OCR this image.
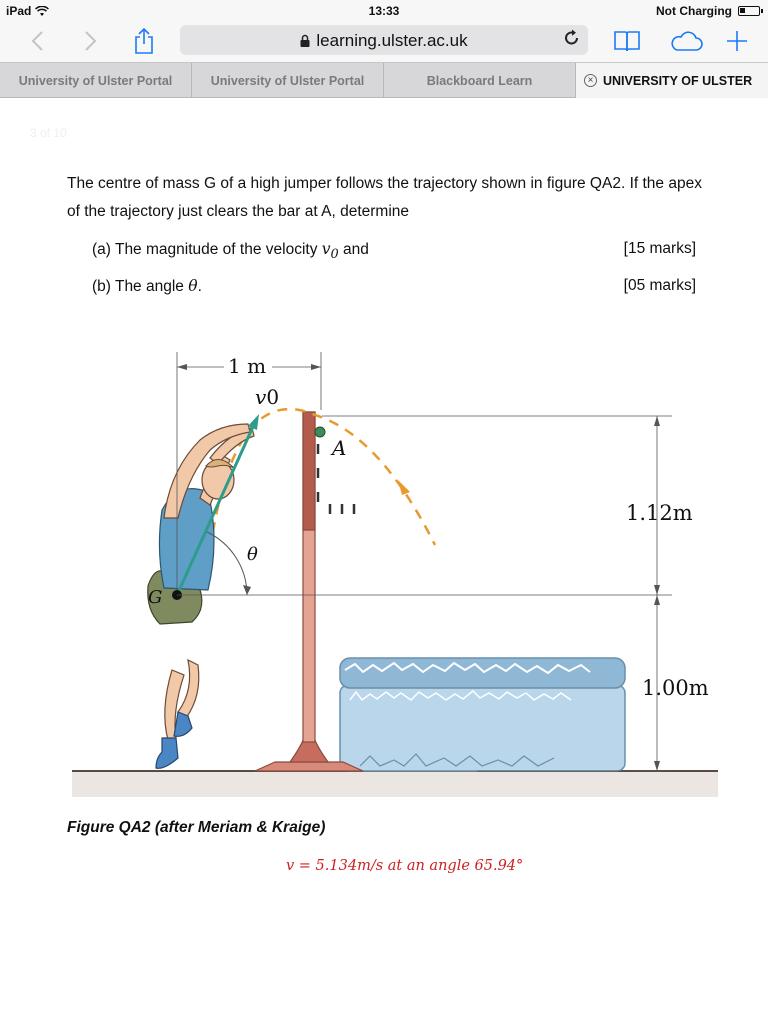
iPad	13:33	Not Charging
learning.ulster.ac.uk
University of Ulster Portal	University of Ulster Portal	Blackboard Learn	× UNIVERSITY OF ULSTER
3 of 10
The centre of mass G of a high jumper follows the trajectory shown in figure QA2. If the apex of the trajectory just clears the bar at A, determine
(a) The magnitude of the velocity $v_0$ and	[15 marks]
(b) The angle θ.	[05 marks]
1 m
v0
A
G
θ
1.12m
1.00m
Figure QA2 (after Meriam & Kraige)
v = 5.134m/s at an angle 65.94°
